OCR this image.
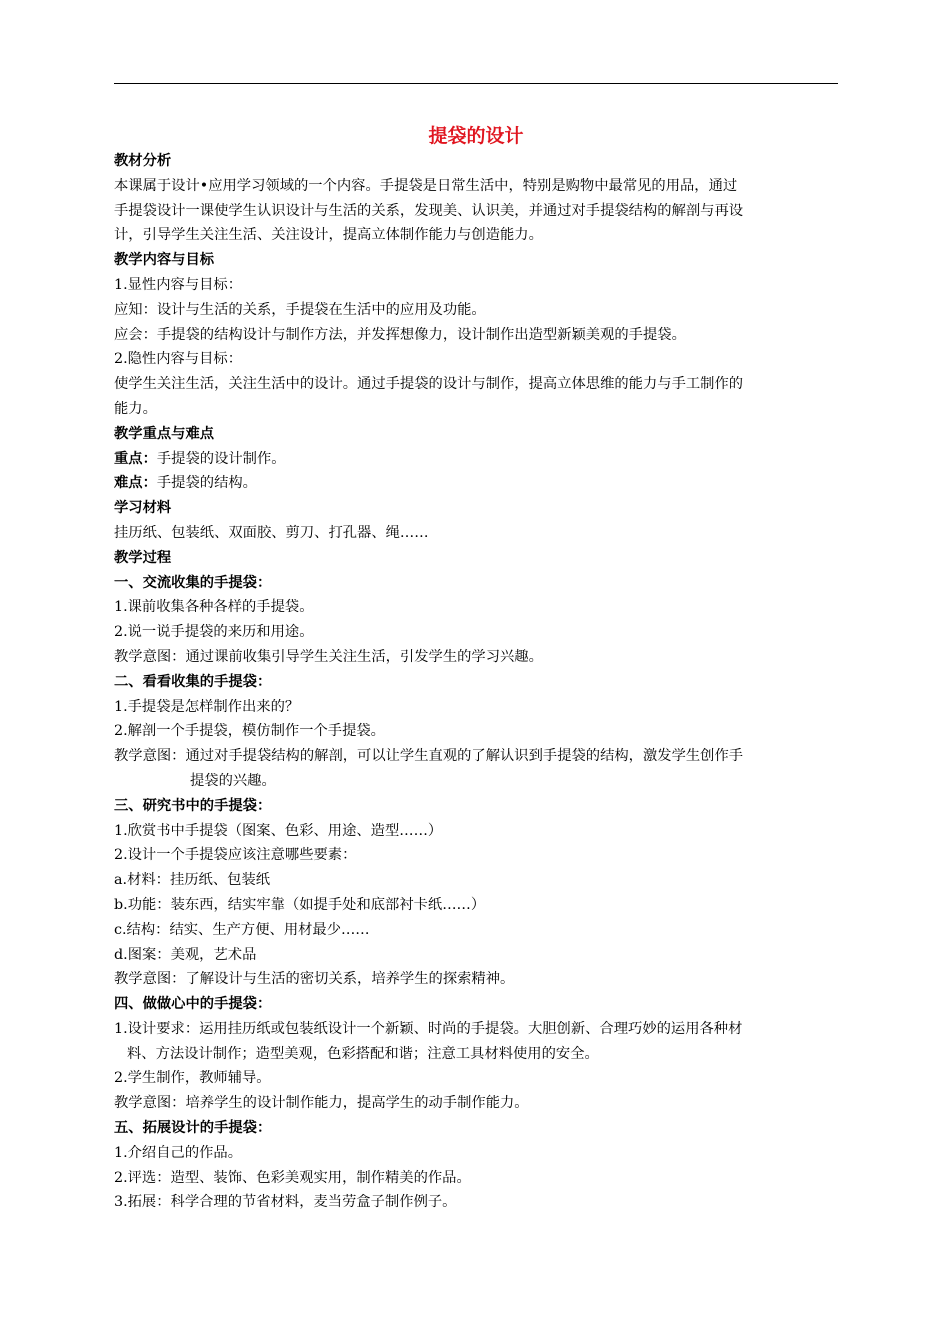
提袋的设计
教材分析
本课属于设计•应用学习领域的一个内容。手提袋是日常生活中，特别是购物中最常见的用品，通过
手提袋设计一课使学生认识设计与生活的关系，发现美、认识美，并通过对手提袋结构的解剖与再设
计，引导学生关注生活、关注设计，提高立体制作能力与创造能力。
教学内容与目标
1.显性内容与目标：
应知：设计与生活的关系，手提袋在生活中的应用及功能。
应会：手提袋的结构设计与制作方法，并发挥想像力，设计制作出造型新颖美观的手提袋。
2.隐性内容与目标：
使学生关注生活，关注生活中的设计。通过手提袋的设计与制作，提高立体思维的能力与手工制作的
能力。
教学重点与难点
重点：手提袋的设计制作。
难点：手提袋的结构。
学习材料
挂历纸、包装纸、双面胶、剪刀、打孔器、绳……
教学过程
一、交流收集的手提袋：
1.课前收集各种各样的手提袋。
2.说一说手提袋的来历和用途。
教学意图：通过课前收集引导学生关注生活，引发学生的学习兴趣。
二、看看收集的手提袋：
1.手提袋是怎样制作出来的？
2.解剖一个手提袋，模仿制作一个手提袋。
教学意图：通过对手提袋结构的解剖，可以让学生直观的了解认识到手提袋的结构，激发学生创作手
提袋的兴趣。
三、研究书中的手提袋：
1.欣赏书中手提袋（图案、色彩、用途、造型……）
2.设计一个手提袋应该注意哪些要素：
a.材料：挂历纸、包装纸
b.功能：装东西，结实牢靠（如提手处和底部衬卡纸……）
c.结构：结实、生产方便、用材最少……
d.图案：美观，艺术品
教学意图：了解设计与生活的密切关系，培养学生的探索精神。
四、做做心中的手提袋：
1.设计要求：运用挂历纸或包装纸设计一个新颖、时尚的手提袋。大胆创新、合理巧妙的运用各种材
料、方法设计制作；造型美观，色彩搭配和谐；注意工具材料使用的安全。
2.学生制作，教师辅导。
教学意图：培养学生的设计制作能力，提高学生的动手制作能力。
五、拓展设计的手提袋：
1.介绍自己的作品。
2.评选：造型、装饰、色彩美观实用，制作精美的作品。
3.拓展：科学合理的节省材料，麦当劳盒子制作例子。
